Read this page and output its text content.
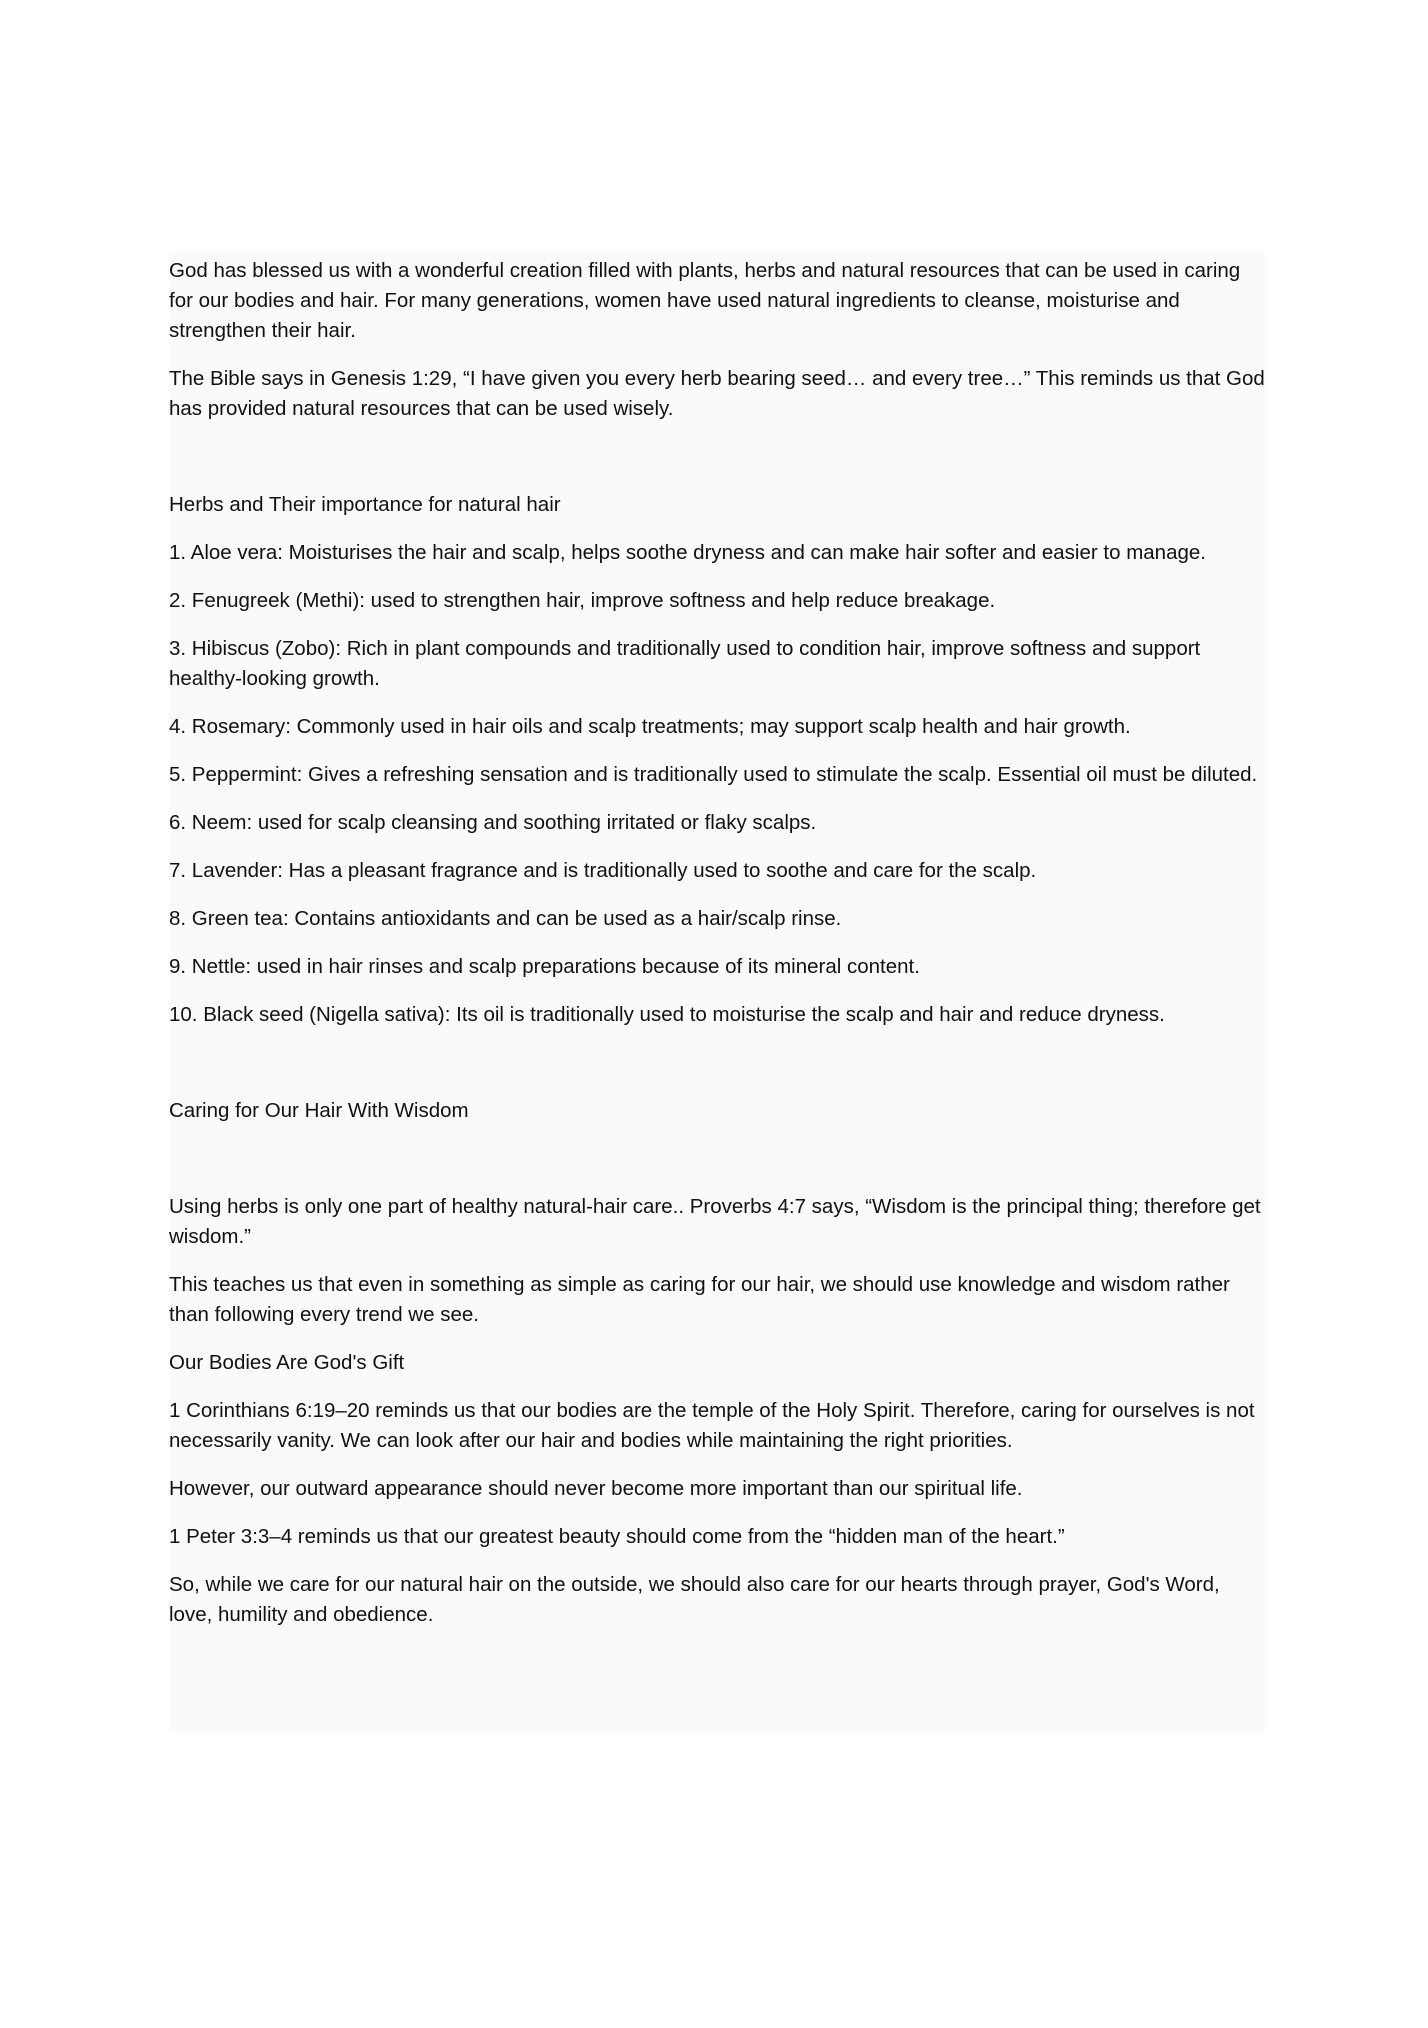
God has blessed us with a wonderful creation filled with plants, herbs and natural resources that can be used in caring for our bodies and hair. For many generations, women have used natural ingredients to cleanse, moisturise and strengthen their hair.

The Bible says in Genesis 1:29, “I have given you every herb bearing seed… and every tree…” This reminds us that God has provided natural resources that can be used wisely.

Herbs and Their importance for natural hair

1. Aloe vera: Moisturises the hair and scalp, helps soothe dryness and can make hair softer and easier to manage.

2. Fenugreek (Methi): used to strengthen hair, improve softness and help reduce breakage.

3. Hibiscus (Zobo): Rich in plant compounds and traditionally used to condition hair, improve softness and support healthy-looking growth.

4. Rosemary: Commonly used in hair oils and scalp treatments; may support scalp health and hair growth.

5. Peppermint: Gives a refreshing sensation and is traditionally used to stimulate the scalp. Essential oil must be diluted.

6. Neem: used for scalp cleansing and soothing irritated or flaky scalps.

7. Lavender: Has a pleasant fragrance and is traditionally used to soothe and care for the scalp.

8. Green tea: Contains antioxidants and can be used as a hair/scalp rinse.

9. Nettle: used in hair rinses and scalp preparations because of its mineral content.

10. Black seed (Nigella sativa): Its oil is traditionally used to moisturise the scalp and hair and reduce dryness.

Caring for Our Hair With Wisdom

Using herbs is only one part of healthy natural-hair care.. Proverbs 4:7 says, “Wisdom is the principal thing; therefore get wisdom.”

This teaches us that even in something as simple as caring for our hair, we should use knowledge and wisdom rather than following every trend we see.

Our Bodies Are God's Gift

1 Corinthians 6:19–20 reminds us that our bodies are the temple of the Holy Spirit. Therefore, caring for ourselves is not necessarily vanity. We can look after our hair and bodies while maintaining the right priorities.

However, our outward appearance should never become more important than our spiritual life.

1 Peter 3:3–4 reminds us that our greatest beauty should come from the “hidden man of the heart.”

So, while we care for our natural hair on the outside, we should also care for our hearts through prayer, God's Word, love, humility and obedience.
